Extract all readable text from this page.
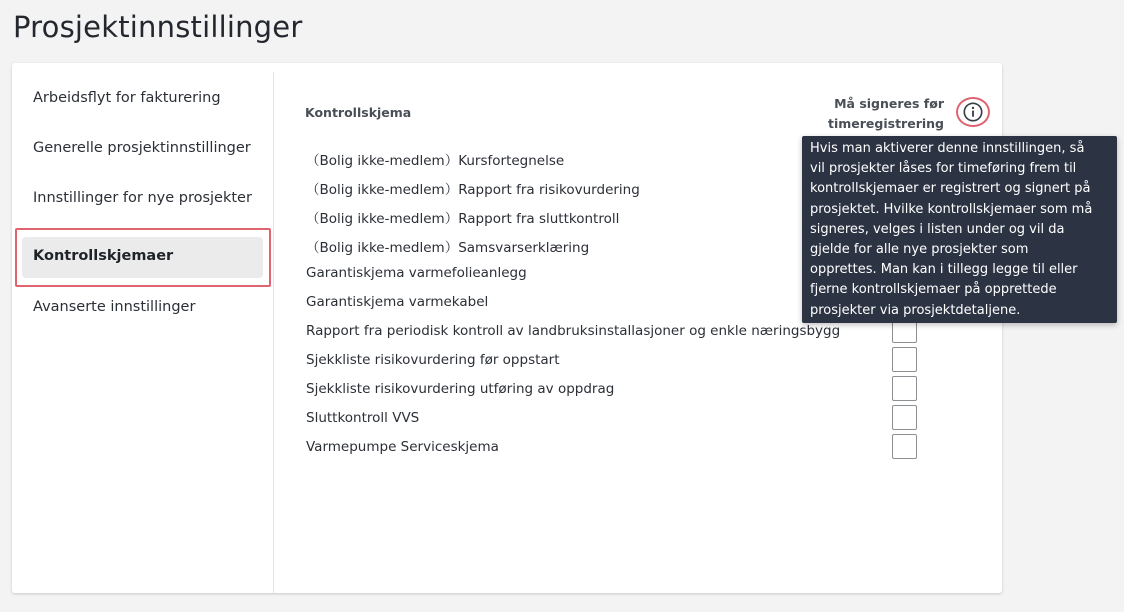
Prosjektinnstillinger
Arbeidsflyt for fakturering
Generelle prosjektinnstillinger
Innstillinger for nye prosjekter
Kontrollskjemaer
Avanserte innstillinger
Kontrollskjema
Må signeres før
timeregistrering
（Bolig ikke-medlem）Kursfortegnelse
（Bolig ikke-medlem）Rapport fra risikovurdering
（Bolig ikke-medlem）Rapport fra sluttkontroll
（Bolig ikke-medlem）Samsvarserklæring
Garantiskjema varmefolieanlegg
Garantiskjema varmekabel
Rapport fra periodisk kontroll av landbruksinstallasjoner og enkle næringsbygg
Sjekkliste risikovurdering før oppstart
Sjekkliste risikovurdering utføring av oppdrag
Sluttkontroll VVS
Varmepumpe Serviceskjema
Hvis man aktiverer denne innstillingen, så
vil prosjekter låses for timeføring frem til
kontrollskjemaer er registrert og signert på
prosjektet. Hvilke kontrollskjemaer som må
signeres, velges i listen under og vil da
gjelde for alle nye prosjekter som
opprettes. Man kan i tillegg legge til eller
fjerne kontrollskjemaer på opprettede
prosjekter via prosjektdetaljene.
